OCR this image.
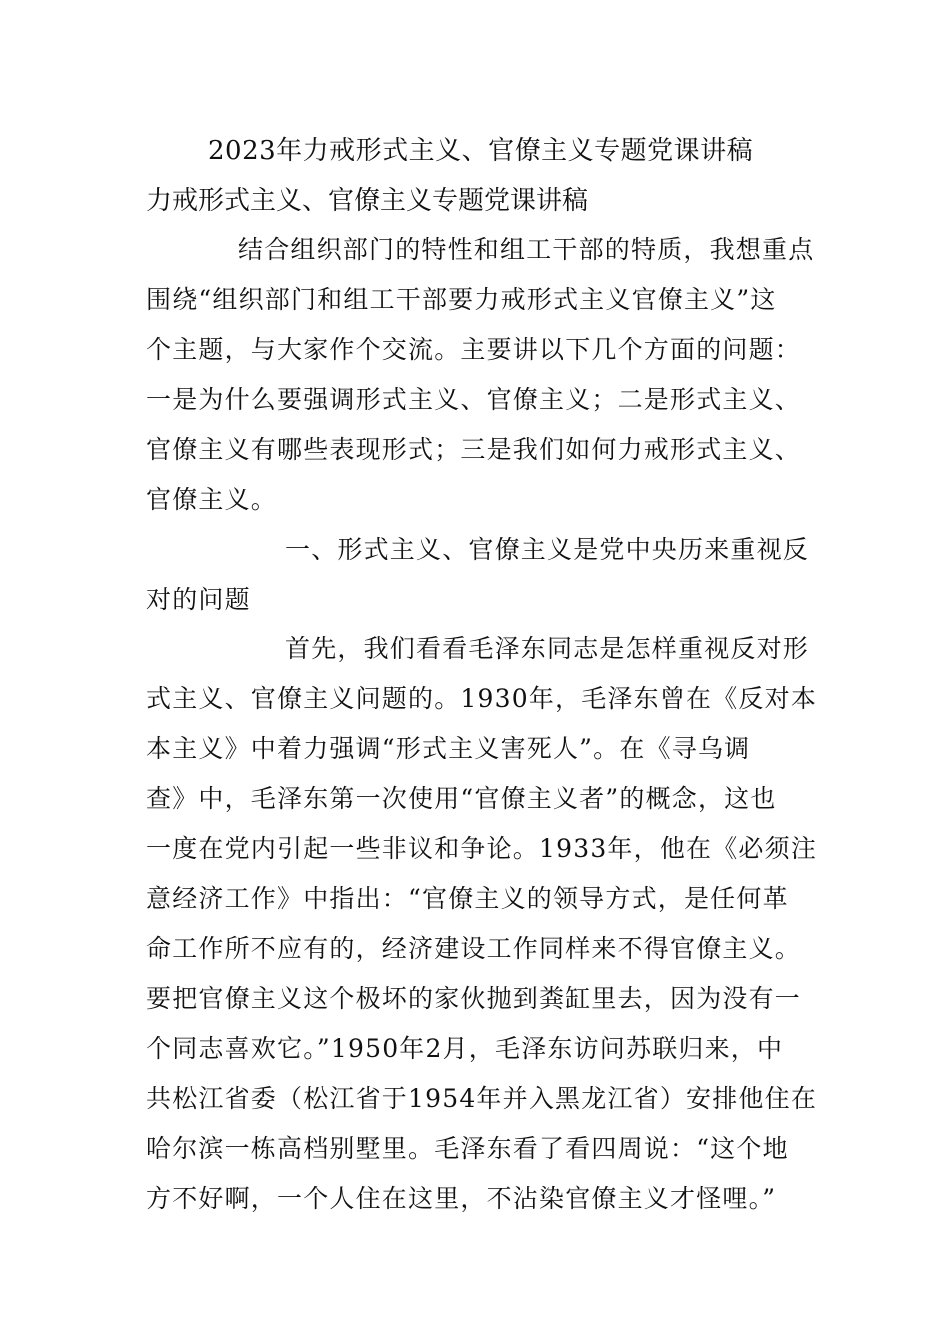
2023年力戒形式主义、官僚主义专题党课讲稿
力戒形式主义、官僚主义专题党课讲稿
结合组织部门的特性和组工干部的特质，我想重点
围绕“组织部门和组工干部要力戒形式主义官僚主义”这
个主题，与大家作个交流。主要讲以下几个方面的问题：
一是为什么要强调形式主义、官僚主义；二是形式主义、
官僚主义有哪些表现形式；三是我们如何力戒形式主义、
官僚主义。
一、形式主义、官僚主义是党中央历来重视反
对的问题
首先，我们看看毛泽东同志是怎样重视反对形
式主义、官僚主义问题的。1930年，毛泽东曾在《反对本
本主义》中着力强调“形式主义害死人”。在《寻乌调
查》中，毛泽东第一次使用“官僚主义者”的概念，这也
一度在党内引起一些非议和争论。1933年，他在《必须注
意经济工作》中指出：“官僚主义的领导方式，是任何革
命工作所不应有的，经济建设工作同样来不得官僚主义。
要把官僚主义这个极坏的家伙抛到粪缸里去，因为没有一
个同志喜欢它。”1950年2月，毛泽东访问苏联归来，中
共松江省委（松江省于1954年并入黑龙江省）安排他住在
哈尔滨一栋高档别墅里。毛泽东看了看四周说：“这个地
方不好啊，一个人住在这里，不沾染官僚主义才怪哩。”
